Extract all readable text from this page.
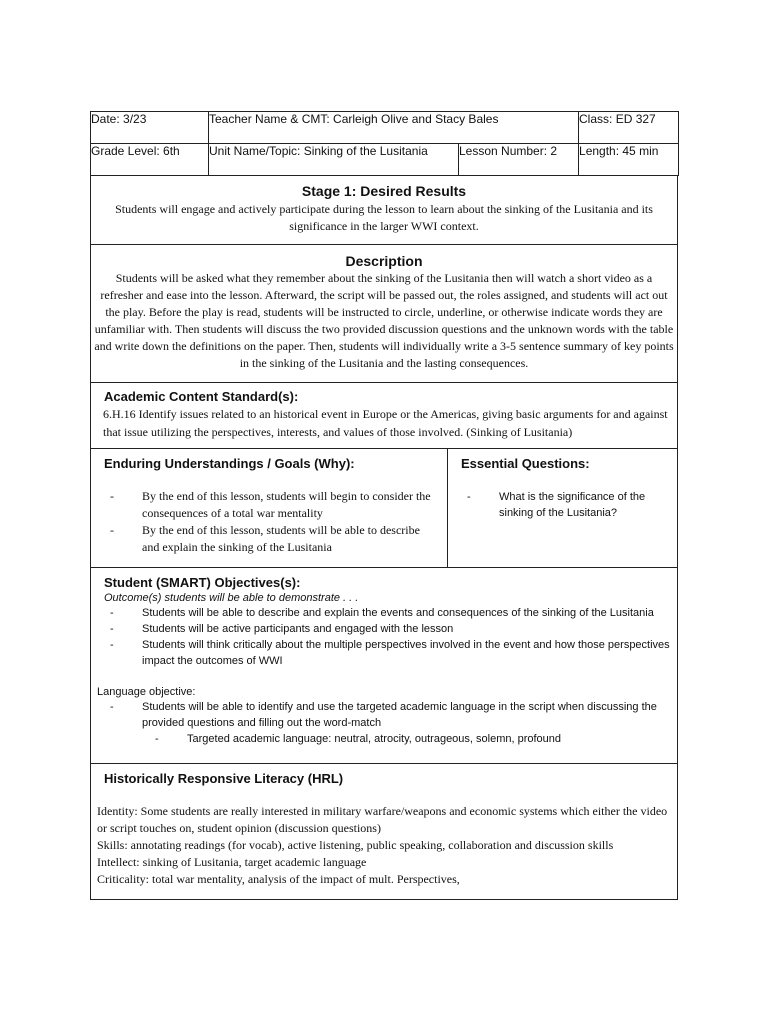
Date: 3/23	Teacher Name & CMT: Carleigh Olive and Stacy Bales		Class: ED 327
Grade Level: 6th	Unit Name/Topic: Sinking of the Lusitania	Lesson Number: 2	Length: 45 min
Stage 1: Desired Results
Students will engage and actively participate during the lesson to learn about the sinking of the Lusitania and its significance in the larger WWI context.
Description
Students will be asked what they remember about the sinking of the Lusitania then will watch a short video as a refresher and ease into the lesson. Afterward, the script will be passed out, the roles assigned, and students will act out the play. Before the play is read, students will be instructed to circle, underline, or otherwise indicate words they are unfamiliar with. Then students will discuss the two provided discussion questions and the unknown words with the table and write down the definitions on the paper. Then, students will individually write a 3-5 sentence summary of key points in the sinking of the Lusitania and the lasting consequences.
Academic Content Standard(s):
6.H.16 Identify issues related to an historical event in Europe or the Americas, giving basic arguments for and against that issue utilizing the perspectives, interests, and values of those involved. (Sinking of Lusitania)
Enduring Understandings / Goals (Why):
- By the end of this lesson, students will begin to consider the consequences of a total war mentality
- By the end of this lesson, students will be able to describe and explain the sinking of the Lusitania
Essential Questions:
- What is the significance of the sinking of the Lusitania?
Student (SMART) Objectives(s):
Outcome(s) students will be able to demonstrate . . .
- Students will be able to describe and explain the events and consequences of the sinking of the Lusitania
- Students will be active participants and engaged with the lesson
- Students will think critically about the multiple perspectives involved in the event and how those perspectives impact the outcomes of WWI
Language objective:
- Students will be able to identify and use the targeted academic language in the script when discussing the provided questions and filling out the word-match
- Targeted academic language: neutral, atrocity, outrageous, solemn, profound
Historically Responsive Literacy (HRL)
Identity: Some students are really interested in military warfare/weapons and economic systems which either the video or script touches on, student opinion (discussion questions)
Skills: annotating readings (for vocab), active listening, public speaking, collaboration and discussion skills
Intellect: sinking of Lusitania, target academic language
Criticality: total war mentality, analysis of the impact of mult. Perspectives,
